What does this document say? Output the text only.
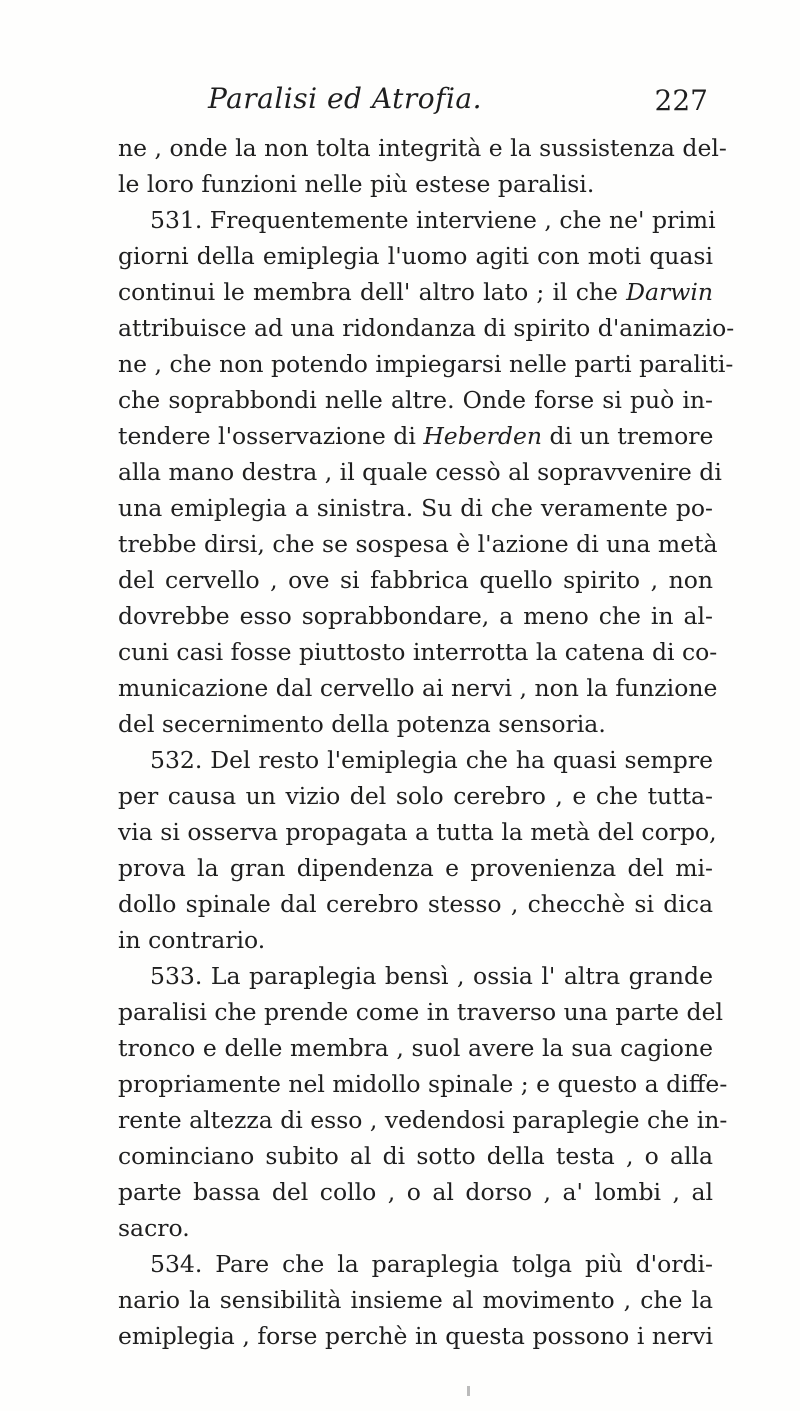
Paralisi ed Atrofia.	227
ne , onde la non tolta integrità e la sussistenza del-
le loro funzioni nelle più estese paralisi.
531. Frequentemente interviene , che ne' primi
giorni della emiplegia l'uomo agiti con moti quasi
continui le membra dell' altro lato ; il che Darwin
attribuisce ad una ridondanza di spirito d'animazio-
ne , che non potendo impiegarsi nelle parti paraliti-
che soprabbondi nelle altre. Onde forse si può in-
tendere l'osservazione di Heberden di un tremore
alla mano destra , il quale cessò al sopravvenire di
una emiplegia a sinistra. Su di che veramente po-
trebbe dirsi, che se sospesa è l'azione di una metà
del cervello , ove si fabbrica quello spirito , non
dovrebbe esso soprabbondare, a meno che in al-
cuni casi fosse piuttosto interrotta la catena di co-
municazione dal cervello ai nervi , non la funzione
del secernimento della potenza sensoria.
532. Del resto l'emiplegia che ha quasi sempre
per causa un vizio del solo cerebro , e che tutta-
via si osserva propagata a tutta la metà del corpo,
prova la gran dipendenza e provenienza del mi-
dollo spinale dal cerebro stesso , checchè si dica
in contrario.
533. La paraplegia bensì , ossia l' altra grande
paralisi che prende come in traverso una parte del
tronco e delle membra , suol avere la sua cagione
propriamente nel midollo spinale ; e questo a diffe-
rente altezza di esso , vedendosi paraplegie che in-
cominciano subito al di sotto della testa , o alla
parte bassa del collo , o al dorso , a' lombi , al
sacro.
534. Pare che la paraplegia tolga più d'ordi-
nario la sensibilità insieme al movimento , che la
emiplegia , forse perchè in questa possono i nervi
